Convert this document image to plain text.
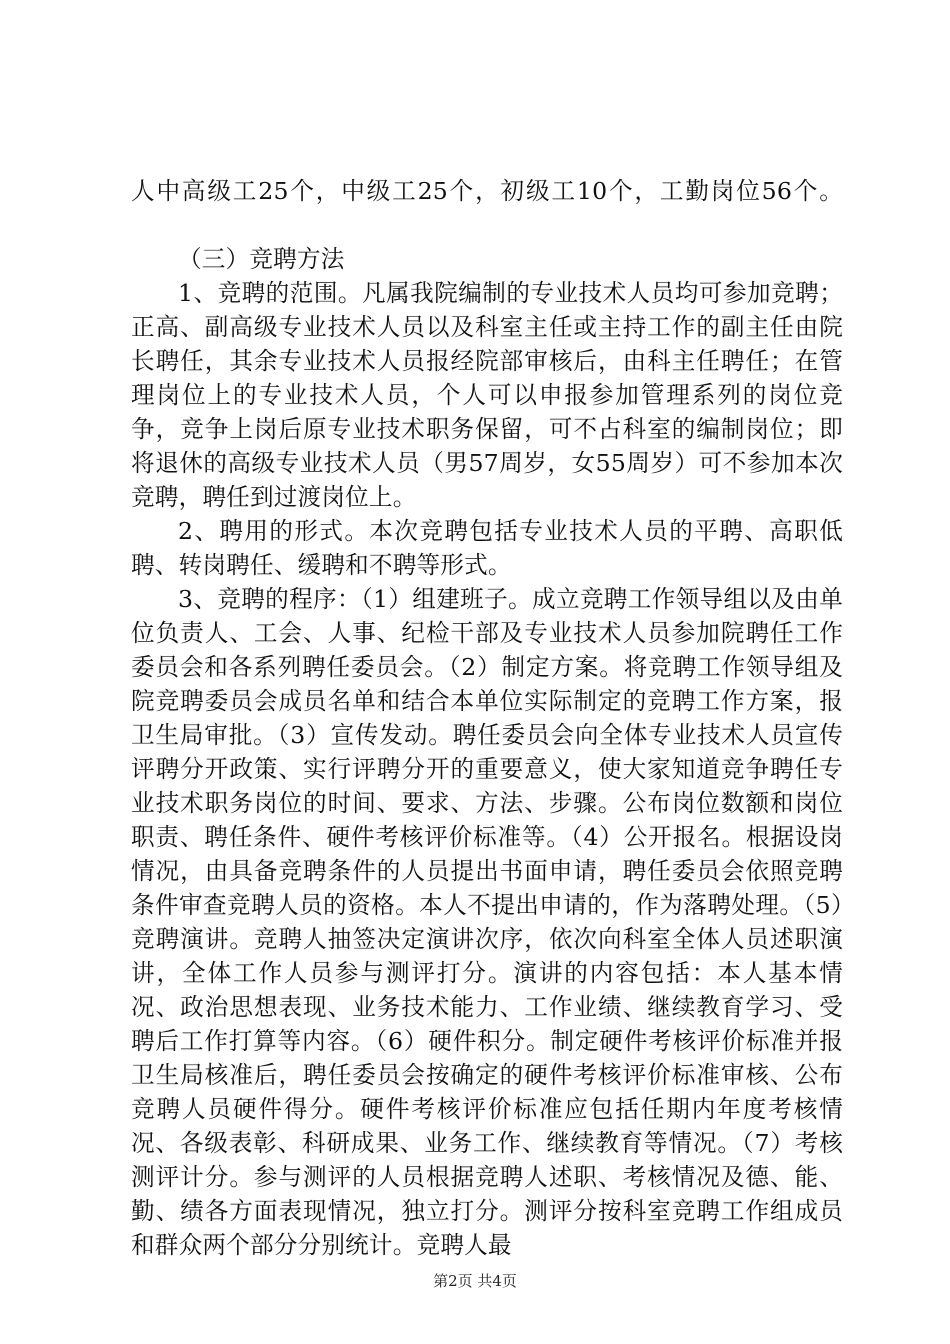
人中高级工25个，中级工25个，初级工10个，工勤岗位56个。

（三）竞聘方法

1、竞聘的范围。凡属我院编制的专业技术人员均可参加竞聘；正高、副高级专业技术人员以及科室主任或主持工作的副主任由院长聘任，其余专业技术人员报经院部审核后，由科主任聘任；在管理岗位上的专业技术人员，个人可以申报参加管理系列的岗位竞争，竞争上岗后原专业技术职务保留，可不占科室的编制岗位；即将退休的高级专业技术人员（男57周岁，女55周岁）可不参加本次竞聘，聘任到过渡岗位上。

2、聘用的形式。本次竞聘包括专业技术人员的平聘、高职低聘、转岗聘任、缓聘和不聘等形式。

3、竞聘的程序：（1）组建班子。成立竞聘工作领导组以及由单位负责人、工会、人事、纪检干部及专业技术人员参加院聘任工作委员会和各系列聘任委员会。（2）制定方案。将竞聘工作领导组及院竞聘委员会成员名单和结合本单位实际制定的竞聘工作方案，报卫生局审批。（3）宣传发动。聘任委员会向全体专业技术人员宣传评聘分开政策、实行评聘分开的重要意义，使大家知道竞争聘任专业技术职务岗位的时间、要求、方法、步骤。公布岗位数额和岗位职责、聘任条件、硬件考核评价标准等。（4）公开报名。根据设岗情况，由具备竞聘条件的人员提出书面申请，聘任委员会依照竞聘条件审查竞聘人员的资格。本人不提出申请的，作为落聘处理。（5）竞聘演讲。竞聘人抽签决定演讲次序，依次向科室全体人员述职演讲，全体工作人员参与测评打分。演讲的内容包括：本人基本情况、政治思想表现、业务技术能力、工作业绩、继续教育学习、受聘后工作打算等内容。（6）硬件积分。制定硬件考核评价标准并报卫生局核准后，聘任委员会按确定的硬件考核评价标准审核、公布竞聘人员硬件得分。硬件考核评价标准应包括任期内年度考核情况、各级表彰、科研成果、业务工作、继续教育等情况。（7）考核测评计分。参与测评的人员根据竞聘人述职、考核情况及德、能、勤、绩各方面表现情况，独立打分。测评分按科室竞聘工作组成员和群众两个部分分别统计。竞聘人最

第2页 共4页
